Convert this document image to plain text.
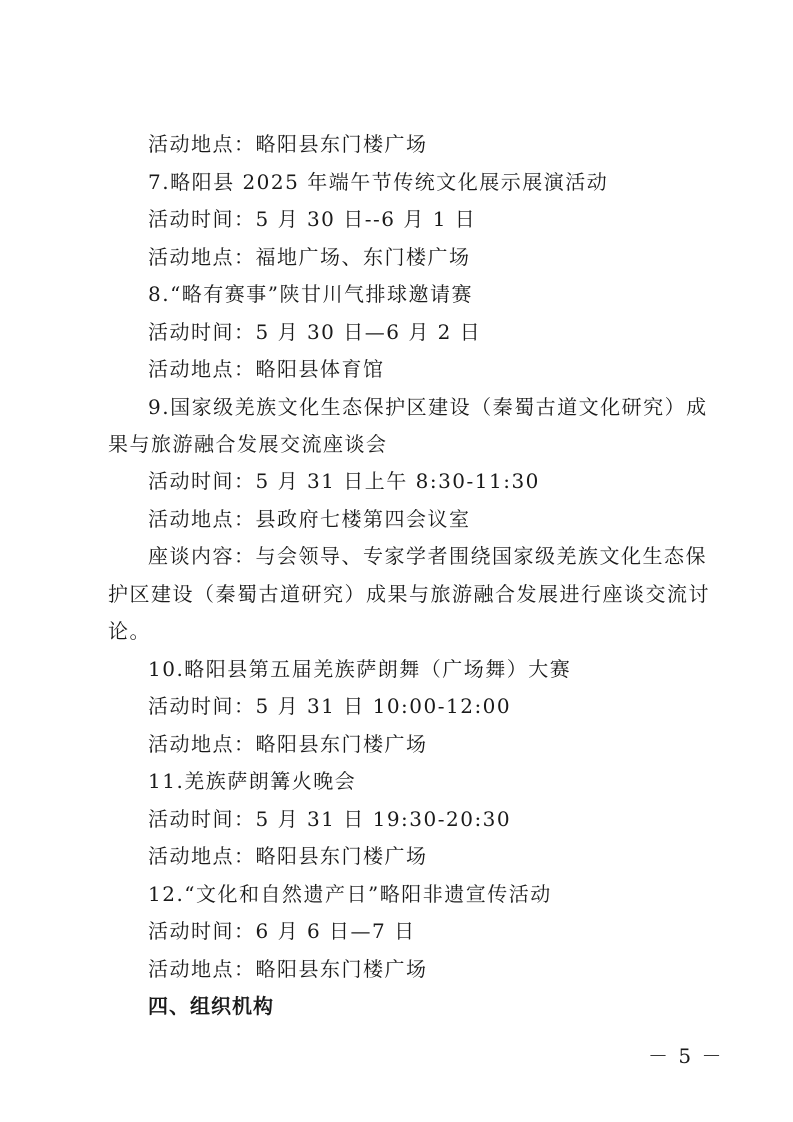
活动地点：略阳县东门楼广场
7.略阳县 2025 年端午节传统文化展示展演活动
活动时间：5 月 30 日--6 月 1 日
活动地点：福地广场、东门楼广场
8.“略有赛事”陕甘川气排球邀请赛
活动时间：5 月 30 日—6 月 2 日
活动地点：略阳县体育馆
9.国家级羌族文化生态保护区建设（秦蜀古道文化研究）成
果与旅游融合发展交流座谈会
活动时间：5 月 31 日上午 8:30-11:30
活动地点：县政府七楼第四会议室
座谈内容：与会领导、专家学者围绕国家级羌族文化生态保
护区建设（秦蜀古道研究）成果与旅游融合发展进行座谈交流讨
论。
10.略阳县第五届羌族萨朗舞（广场舞）大赛
活动时间：5 月 31 日 10:00-12:00
活动地点：略阳县东门楼广场
11.羌族萨朗篝火晚会
活动时间：5 月 31 日 19:30-20:30
活动地点：略阳县东门楼广场
12.“文化和自然遗产日”略阳非遗宣传活动
活动时间：6 月 6 日—7 日
活动地点：略阳县东门楼广场
四、组织机构
－ 5 －
